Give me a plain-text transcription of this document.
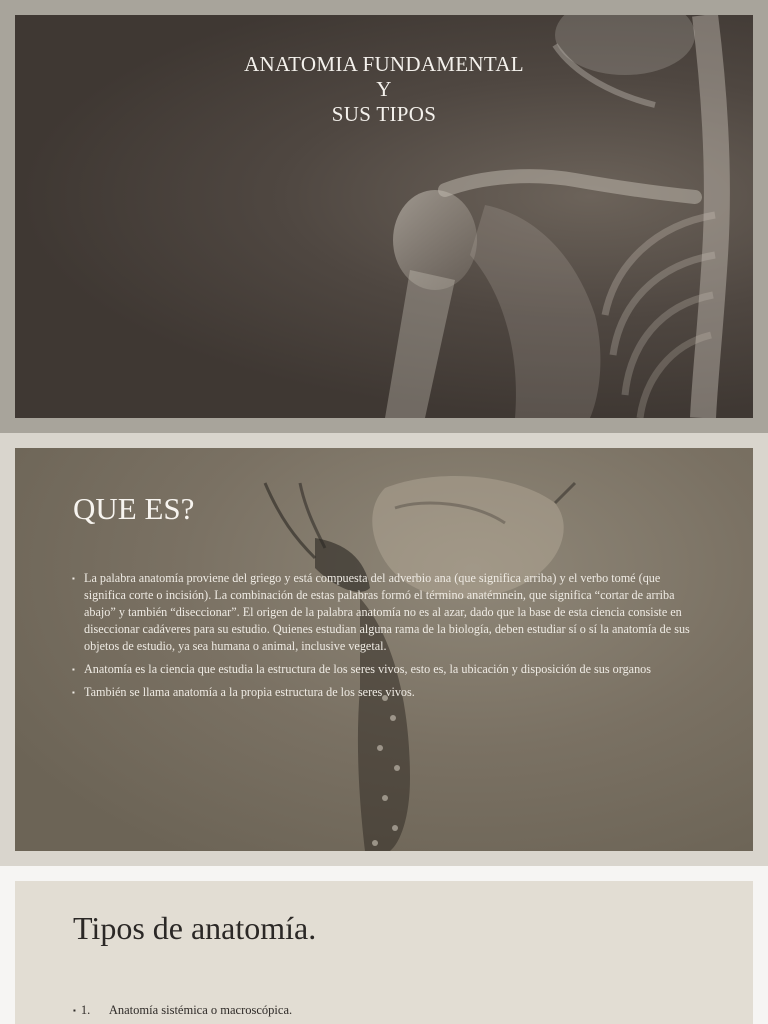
ANATOMIA FUNDAMENTAL
Y
SUS TIPOS
QUE ES?
▪ La palabra anatomía proviene del griego y está compuesta del adverbio ana (que significa arriba) y el verbo tomé (que significa corte o incisión). La combinación de estas palabras formó el término anatémnein, que significa “cortar de arriba abajo” y también “diseccionar”. El origen de la palabra anatomía no es al azar, dado que la base de esta ciencia consiste en diseccionar cadáveres para su estudio. Quienes estudian alguna rama de la biología, deben estudiar sí o sí la anatomía de sus objetos de estudio, ya sea humana o animal, inclusive vegetal.
▪ Anatomía es la ciencia que estudia la estructura de los seres vivos, esto es, la ubicación y disposición de sus organos
▪ También se llama anatomía a la propia estructura de los seres vivos.
Tipos de anatomía.
▪ 1. Anatomía sistémica o macroscópica.
